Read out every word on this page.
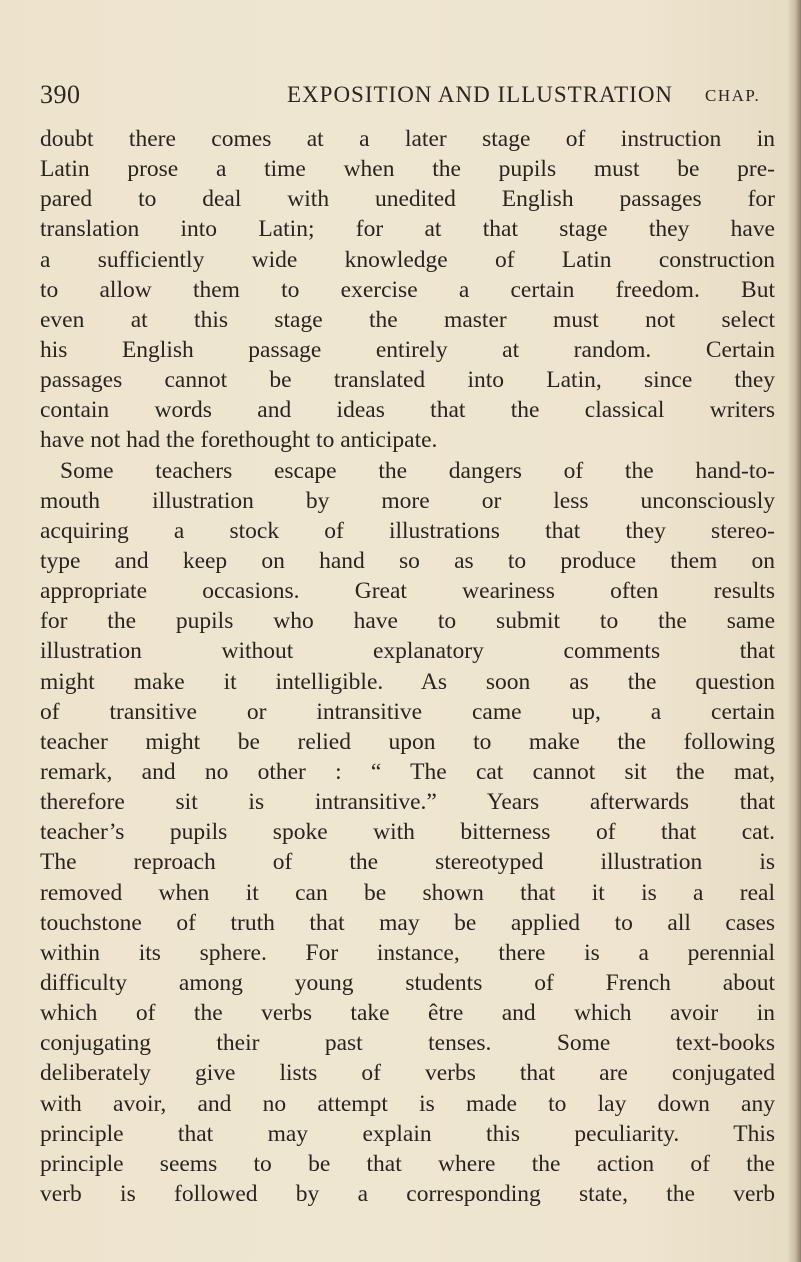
390	EXPOSITION AND ILLUSTRATION CHAP.
doubt there comes at a later stage of instruction in
Latin prose a time when the pupils must be pre-
pared to deal with unedited English passages for
translation into Latin; for at that stage they have
a sufficiently wide knowledge of Latin construction
to allow them to exercise a certain freedom. But
even at this stage the master must not select
his English passage entirely at random. Certain
passages cannot be translated into Latin, since they
contain words and ideas that the classical writers
have not had the forethought to anticipate.
Some teachers escape the dangers of the hand-to-
mouth illustration by more or less unconsciously
acquiring a stock of illustrations that they stereo-
type and keep on hand so as to produce them on
appropriate occasions. Great weariness often results
for the pupils who have to submit to the same
illustration without explanatory comments that
might make it intelligible. As soon as the question
of transitive or intransitive came up, a certain
teacher might be relied upon to make the following
remark, and no other : “ The cat cannot sit the mat,
therefore sit is intransitive.” Years afterwards that
teacher’s pupils spoke with bitterness of that cat.
The reproach of the stereotyped illustration is
removed when it can be shown that it is a real
touchstone of truth that may be applied to all cases
within its sphere. For instance, there is a perennial
difficulty among young students of French about
which of the verbs take être and which avoir in
conjugating their past tenses. Some text-books
deliberately give lists of verbs that are conjugated
with avoir, and no attempt is made to lay down any
principle that may explain this peculiarity. This
principle seems to be that where the action of the
verb is followed by a corresponding state, the verb
